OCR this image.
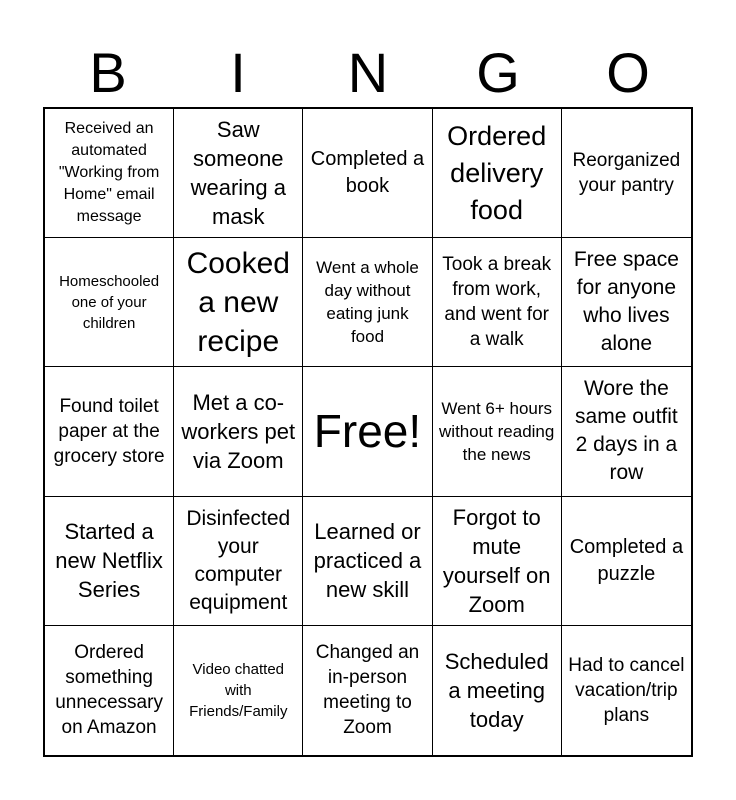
B	I	N	G	O
Received an automated "Working from Home" email message
Saw someone wearing a mask
Completed a book
Ordered delivery food
Reorganized your pantry
Homeschooled one of your children
Cooked a new recipe
Went a whole day without eating junk food
Took a break from work, and went for a walk
Free space for anyone who lives alone
Found toilet paper at the grocery store
Met a co-workers pet via Zoom
Free! Went 6+ hours without reading the news
Wore the same outfit 2 days in a row
Started a new Netflix Series
Disinfected your computer equipment
Learned or practiced a new skill
Forgot to mute yourself on Zoom
Completed a puzzle
Ordered something unnecessary on Amazon
Video chatted with Friends/Family
Changed an in-person meeting to Zoom
Scheduled a meeting today
Had to cancel vacation/trip plans
